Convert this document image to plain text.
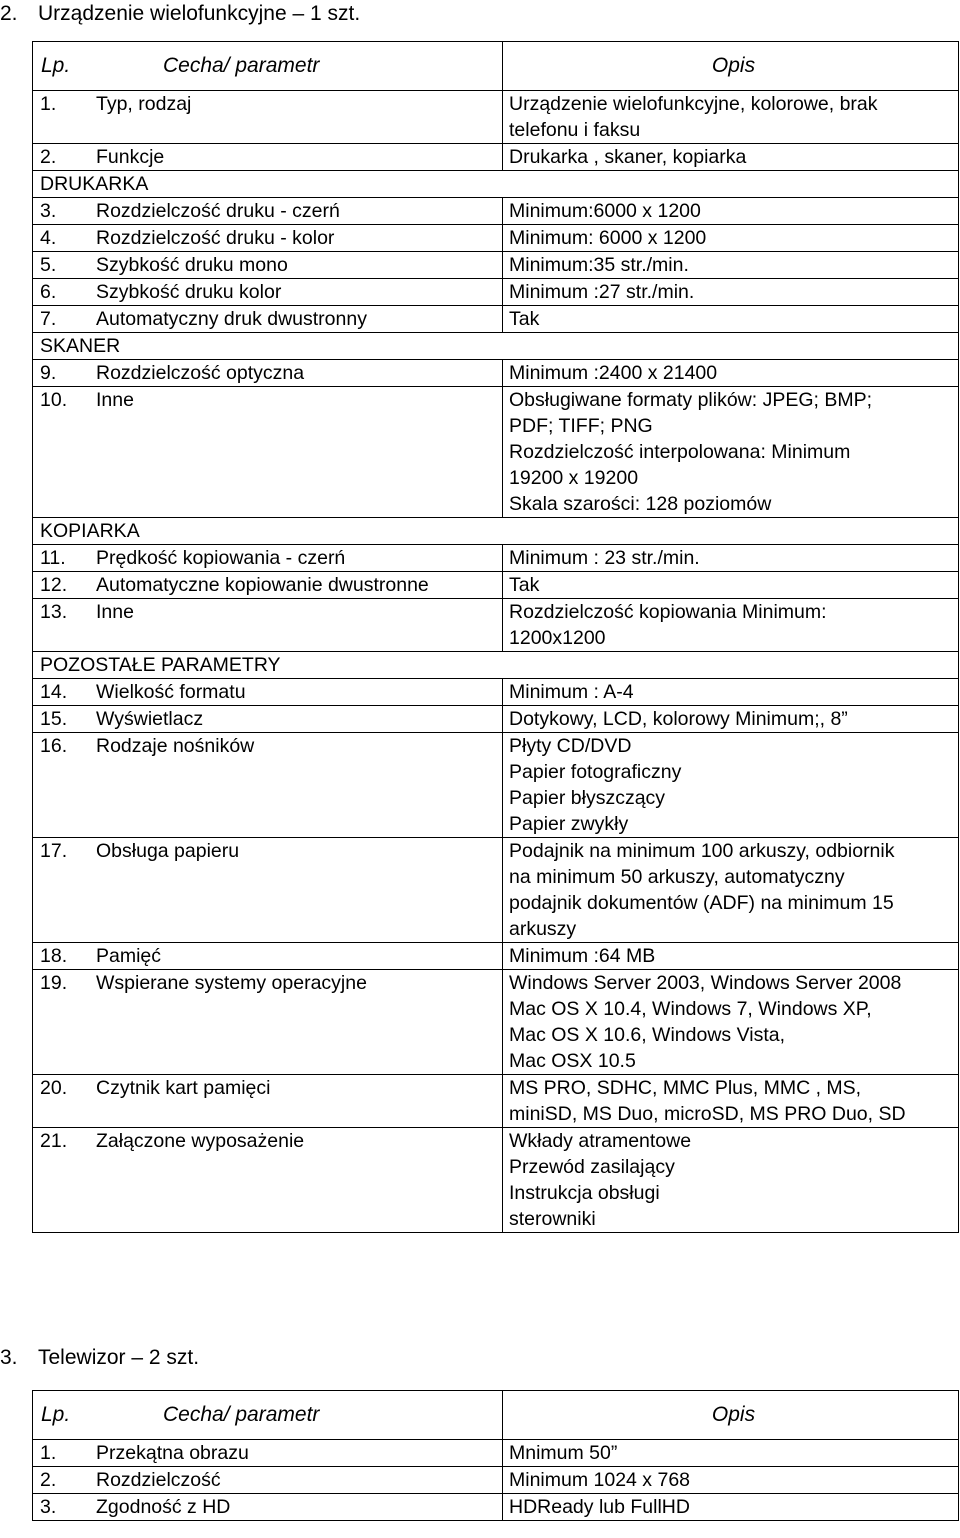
2. Urządzenie wielofunkcyjne – 1 szt.
Lp. Cecha/ parametr	Opis
1. Typ, rodzaj	Urządzenie wielofunkcyjne, kolorowe, brak
telefonu i faksu
2. Funkcje	Drukarka , skaner, kopiarka
DRUKARKA	
3. Rozdzielczość druku - czerń	Minimum:6000 x 1200
4. Rozdzielczość druku - kolor	Minimum: 6000 x 1200
5. Szybkość druku mono	Minimum:35 str./min.
6. Szybkość druku kolor	Minimum :27 str./min.
7. Automatyczny druk dwustronny	Tak
SKANER	
9. Rozdzielczość optyczna	Minimum :2400 x 21400
10. Inne	Obsługiwane formaty plików: JPEG; BMP;
PDF; TIFF; PNG
Rozdzielczość interpolowana: Minimum
19200 x 19200
Skala szarości: 128 poziomów
KOPIARKA	
11. Prędkość kopiowania - czerń	Minimum : 23 str./min.
12. Automatyczne kopiowanie dwustronne	Tak
13. Inne	Rozdzielczość kopiowania Minimum:
1200x1200
POZOSTAŁE PARAMETRY	
14. Wielkość formatu	Minimum : A-4
15. Wyświetlacz	Dotykowy, LCD, kolorowy Minimum;, 8”
16. Rodzaje nośników	Płyty CD/DVD
Papier fotograficzny
Papier błyszczący
Papier zwykły
17. Obsługa papieru	Podajnik na minimum 100 arkuszy, odbiornik
na minimum 50 arkuszy, automatyczny
podajnik dokumentów (ADF) na minimum 15
arkuszy
18. Pamięć	Minimum :64 MB
19. Wspierane systemy operacyjne	Windows Server 2003, Windows Server 2008
Mac OS X 10.4, Windows 7, Windows XP,
Mac OS X 10.6, Windows Vista,
Mac OSX 10.5
20. Czytnik kart pamięci	MS PRO, SDHC, MMC Plus, MMC , MS,
miniSD, MS Duo, microSD, MS PRO Duo, SD
21. Załączone wyposażenie	Wkłady atramentowe
Przewód zasilający
Instrukcja obsługi
sterowniki
3. Telewizor – 2 szt.
Lp. Cecha/ parametr	Opis
1. Przekątna obrazu	Mnimum 50”
2. Rozdzielczość	Minimum 1024 x 768
3. Zgodność z HD	HDReady lub FullHD
